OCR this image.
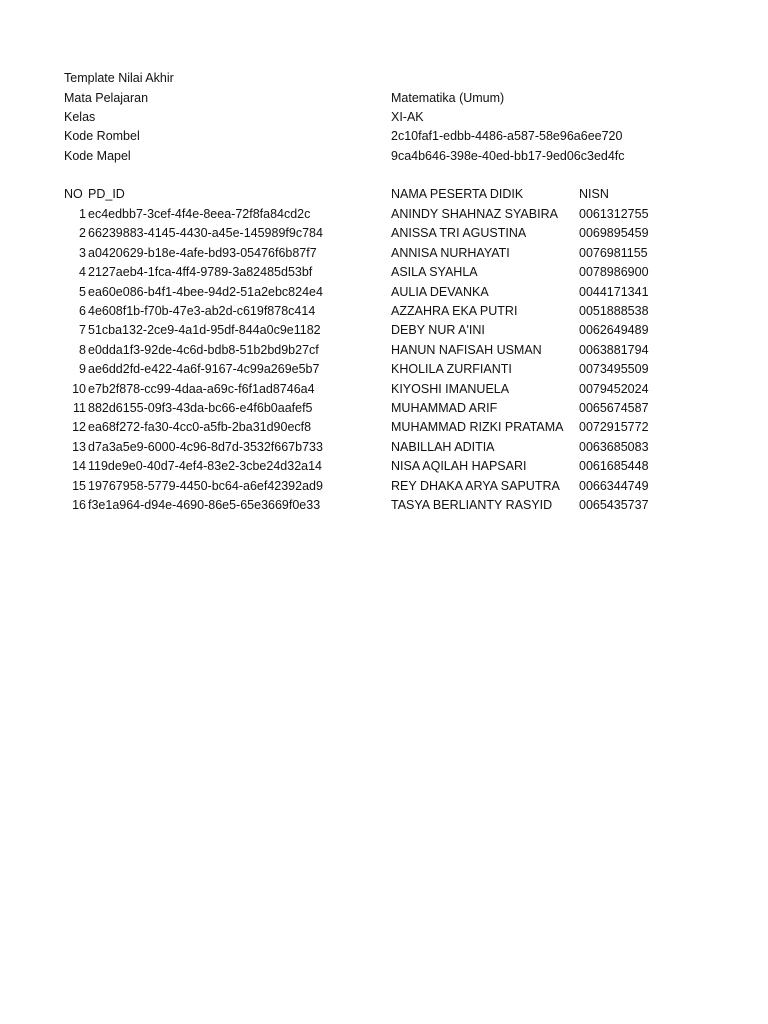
Template Nilai Akhir
Mata Pelajaran	Matematika (Umum)
Kelas	XI-AK
Kode Rombel	2c10faf1-edbb-4486-a587-58e96a6ee720
Kode Mapel	9ca4b646-398e-40ed-bb17-9ed06c3ed4fc
NO PD_ID	NAMA PESERTA DIDIK	NISN
1 ec4edbb7-3cef-4f4e-8eea-72f8fa84cd2c	ANINDY SHAHNAZ SYABIRA 0061312755
2 66239883-4145-4430-a45e-145989f9c784	ANISSA TRI AGUSTINA	0069895459
3 a0420629-b18e-4afe-bd93-05476f6b87f7	ANNISA NURHAYATI	0076981155
4 2127aeb4-1fca-4ff4-9789-3a82485d53bf	ASILA SYAHLA	0078986900
5 ea60e086-b4f1-4bee-94d2-51a2ebc824e4	AULIA DEVANKA	0044171341
6 4e608f1b-f70b-47e3-ab2d-c619f878c414	AZZAHRA EKA PUTRI	0051888538
7 51cba132-2ce9-4a1d-95df-844a0c9e1182	DEBY NUR A'INI	0062649489
8 e0dda1f3-92de-4c6d-bdb8-51b2bd9b27cf	HANUN NAFISAH USMAN	0063881794
9 ae6dd2fd-e422-4a6f-9167-4c99a269e5b7	KHOLILA ZURFIANTI	0073495509
10 e7b2f878-cc99-4daa-a69c-f6f1ad8746a4	KIYOSHI IMANUELA	0079452024
11 882d6155-09f3-43da-bc66-e4f6b0aafef5	MUHAMMAD ARIF	0065674587
12 ea68f272-fa30-4cc0-a5fb-2ba31d90ecf8	MUHAMMAD RIZKI PRATAMA 0072915772
13 d7a3a5e9-6000-4c96-8d7d-3532f667b733	NABILLAH ADITIA	0063685083
14 119de9e0-40d7-4ef4-83e2-3cbe24d32a14	NISA AQILAH HAPSARI	0061685448
15 19767958-5779-4450-bc64-a6ef42392ad9	REY DHAKA ARYA SAPUTRA 0066344749
16 f3e1a964-d94e-4690-86e5-65e3669f0e33	TASYA BERLIANTY RASYID 0065435737
